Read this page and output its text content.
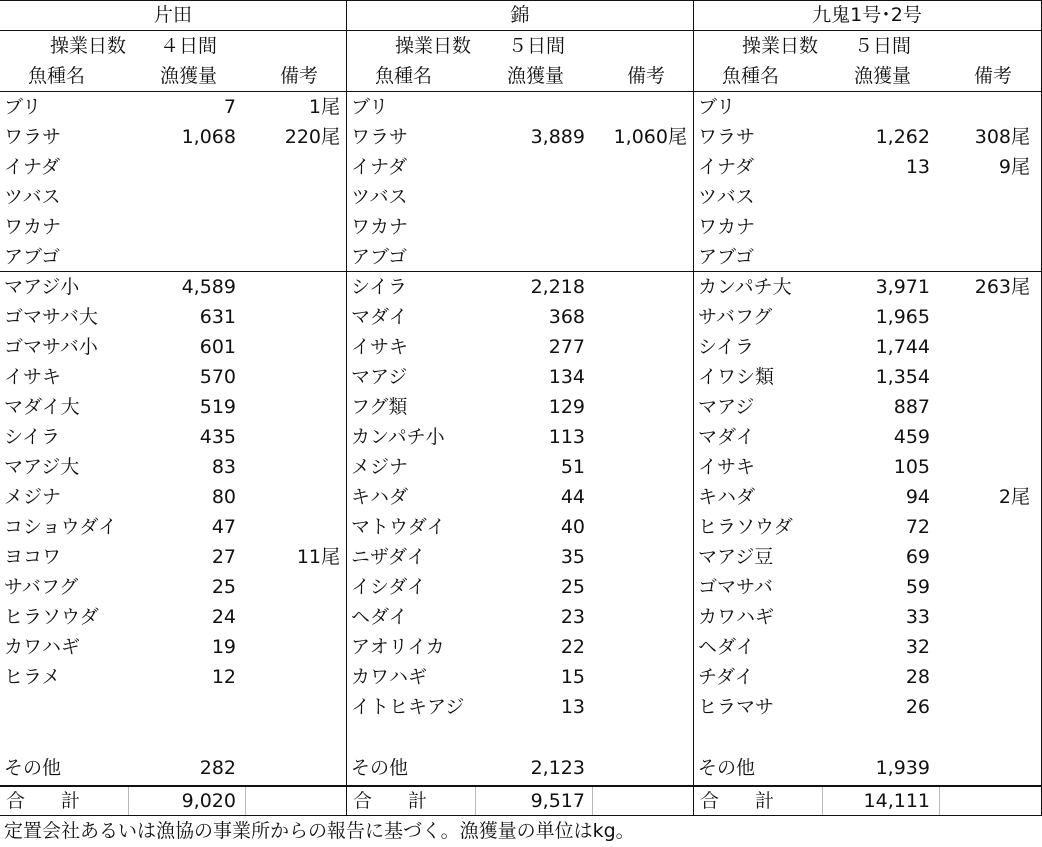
片田
操業日数 ４日間
魚種名	漁獲量	備考
ブリ	7	1尾
ワラサ	1,068	220尾
イナダ
ツバス
ワカナ
アブゴ
マアジ小	4,589
ゴマサバ大	631
ゴマサバ小	601
イサキ	570
マダイ大	519
シイラ	435
マアジ大	83
メジナ	80
コショウダイ	47
ヨコワ	27	11尾
サバフグ	25
ヒラソウダ	24
カワハギ	19
ヒラメ	12
その他	282
合計	9,020
錦
操業日数 ５日間
魚種名	漁獲量	備考
ブリ
ワラサ	3,889 1,060尾
イナダ
ツバス
ワカナ
アブゴ
シイラ	2,218
マダイ	368
イサキ	277
マアジ	134
フグ類	129
カンパチ小	113
メジナ	51
キハダ	44
マトウダイ	40
ニザダイ	35
イシダイ	25
ヘダイ	23
アオリイカ	22
カワハギ	15
イトヒキアジ	13
その他	2,123
合計	9,517
九鬼1号･2号
操業日数 ５日間
魚種名	漁獲量	備考
ブリ
ワラサ	1,262 308尾
イナダ	13	9尾
ツバス
ワカナ
アブゴ
カンパチ大	3,971 263尾
サバフグ	1,965
シイラ	1,744
イワシ類	1,354
マアジ	887
マダイ	459
イサキ	105
キハダ	94	2尾
ヒラソウダ	72
マアジ豆	69
ゴマサバ	59
カワハギ	33
ヘダイ	32
チダイ	28
ヒラマサ	26
その他	1,939
合計	14,111
定置会社あるいは漁協の事業所からの報告に基づく。漁獲量の単位はkg。
